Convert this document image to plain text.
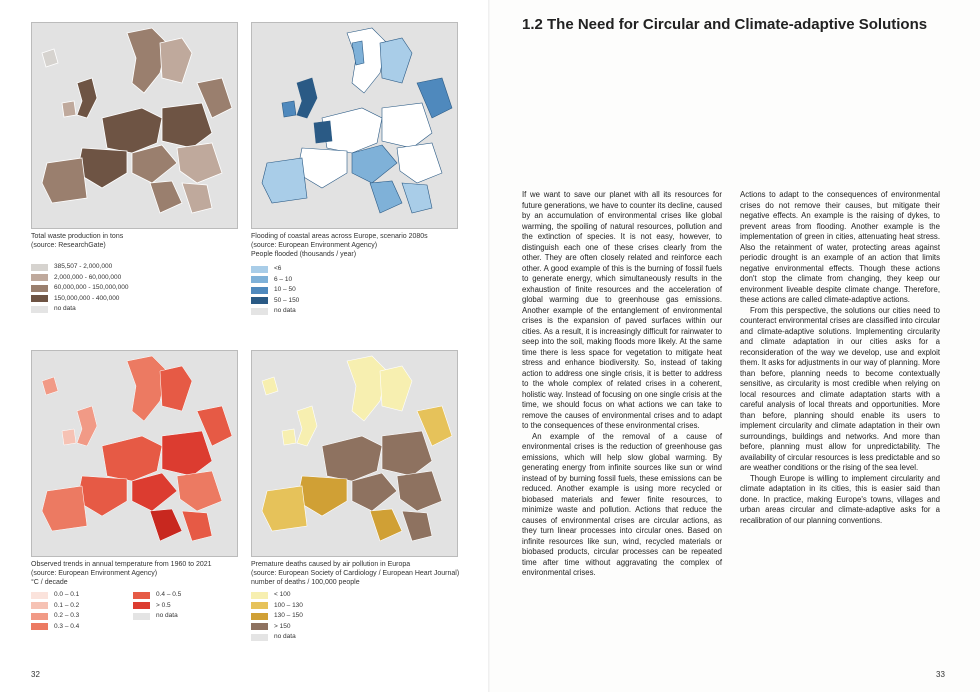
Total waste production in tons
(source: ResearchGate)
385,507 - 2,000,000
2,000,000 - 60,000,000
60,000,000 - 150,000,000
150,000,000 - 400,000
no data
Flooding of coastal areas across Europe, scenario 2080s
(source: European Environment Agency)
People flooded (thousands / year)
<6
6 – 10
10 – 50
50 – 150
no data
Observed trends in annual temperature from 1960 to 2021
(source: European Environment Agency)
°C / decade
0.0 – 0.1
0.1 – 0.2
0.2 – 0.3
0.3 – 0.4
0.4 – 0.5
> 0.5
no data
Premature deaths caused by air pollution in Europa
(source: European Society of Cardiology / European Heart Journal)
number of deaths / 100,000 people
< 100
100 – 130
130 – 150
> 150
no data
32
1.2 The Need for Circular and Climate-adaptive Solutions

If we want to save our planet with all its resources for future generations, we have to counter its decline, caused by an accumulation of environmental crises like global warming, the spoiling of natural resources, pollution and the extinction of species. It is not easy, however, to distinguish each one of these crises clearly from the other. They are often closely related and reinforce each other. A good example of this is the burning of fossil fuels to generate energy, which simultaneously results in the exhaustion of finite resources and the acceleration of global warming due to greenhouse gas emissions. Another example of the entanglement of environmental crises is the expansion of paved surfaces within our cities. As a result, it is increasingly difficult for rainwater to seep into the soil, making floods more likely. At the same time there is less space for vegetation to mitigate heat stress and enhance biodiversity. So, instead of taking action to address one single crisis, it is better to address to the whole complex of related crises in a coherent, holistic way. Instead of focusing on one single crisis at the time, we should focus on what actions we can take to remove the causes of environmental crises and to adapt to the consequences of these environmental crises.

An example of the removal of a cause of environmental crises is the reduction of greenhouse gas emissions, which will help slow global warming. By generating energy from infinite sources like sun or wind instead of by burning fossil fuels, these emissions can be reduced. Another example is using more recycled or biobased materials and fewer finite resources, to minimize waste and pollution. Actions that reduce the causes of environmental crises are circular actions, as they turn linear processes into circular ones. Based on infinite resources like sun, wind, recycled materials or biobased products, circular processes can be repeated time after time without aggravating the complex of environmental crises.

Actions to adapt to the consequences of environmental crises do not remove their causes, but mitigate their negative effects. An example is the raising of dykes, to prevent areas from flooding. Another example is the implementation of green in cities, attenuating heat stress. Also the retainment of water, protecting areas against periodic drought is an example of an action that limits negative environmental effects. Though these actions don't stop the climate from changing, they keep our environment liveable despite climate change. Therefore, these actions are called climate-adaptive actions.

From this perspective, the solutions our cities need to counteract environmental crises are classified into circular and climate-adaptive solutions. Implementing circularity and climate adaptation in our cities asks for a reconsideration of the way we develop, use and exploit them. It asks for adjustments in our way of planning. More than before, planning needs to become contextually sensitive, as circularity is most credible when relying on local resources and climate adaptation starts with a careful analysis of local threats and opportunities. More than before, planning should enable its users to implement circularity and climate adaptation in their own surroundings, buildings and networks. And more than before, planning must allow for unpredictability. The availability of circular resources is less predictable and so are weather conditions or the rising of the sea level.

Though Europe is willing to implement circularity and climate adaptation in its cities, this is easier said than done. In practice, making Europe's towns, villages and urban areas circular and climate-adaptive asks for a recalibration of our planning conventions.

33
